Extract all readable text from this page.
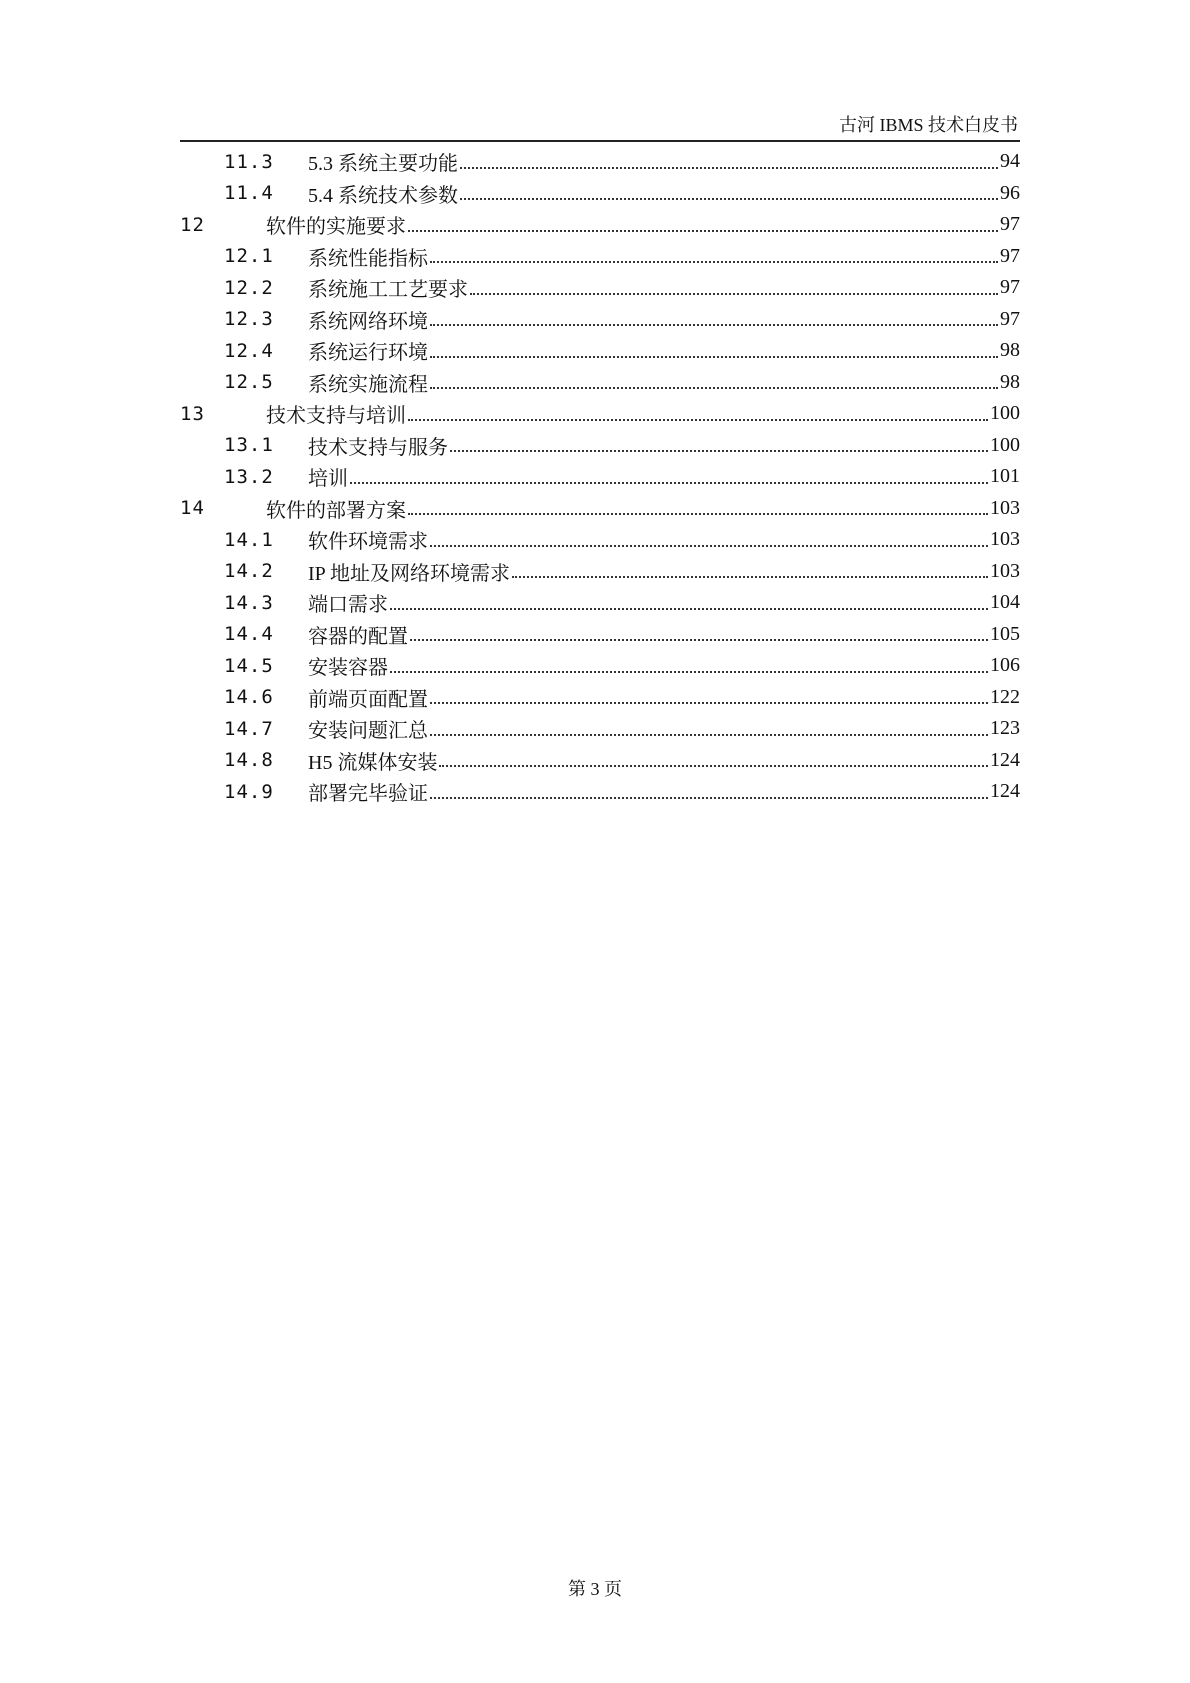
古河 IBMS 技术白皮书
11.3	5.3 系统主要功能	94
11.4	5.4 系统技术参数	96
12	软件的实施要求	97
12.1	系统性能指标	97
12.2	系统施工工艺要求	97
12.3	系统网络环境	97
12.4	系统运行环境	98
12.5	系统实施流程	98
13	技术支持与培训	100
13.1	技术支持与服务	100
13.2	培训	101
14	软件的部署方案	103
14.1	软件环境需求	103
14.2	IP 地址及网络环境需求	103
14.3	端口需求	104
14.4	容器的配置	105
14.5	安装容器	106
14.6	前端页面配置	122
14.7	安装问题汇总	123
14.8	H5 流媒体安装	124
14.9	部署完毕验证	124
第 3 页
